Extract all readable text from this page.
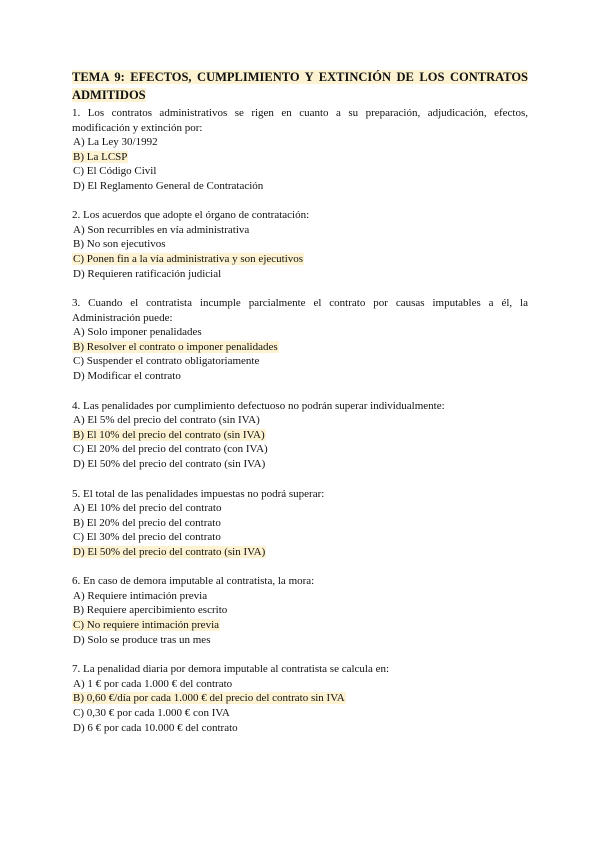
TEMA 9: EFECTOS, CUMPLIMIENTO Y EXTINCIÓN DE LOS CONTRATOS ADMITIDOS

1. Los contratos administrativos se rigen en cuanto a su preparación, adjudicación, efectos, modificación y extinción por:

A) La Ley 30/1992
B) La LCSP
C) El Código Civil
D) El Reglamento General de Contratación

2. Los acuerdos que adopte el órgano de contratación:

A) Son recurribles en vía administrativa
B) No son ejecutivos
C) Ponen fin a la vía administrativa y son ejecutivos
D) Requieren ratificación judicial

3. Cuando el contratista incumple parcialmente el contrato por causas imputables a él, la Administración puede:

A) Solo imponer penalidades
B) Resolver el contrato o imponer penalidades
C) Suspender el contrato obligatoriamente
D) Modificar el contrato

4. Las penalidades por cumplimiento defectuoso no podrán superar individualmente:

A) El 5% del precio del contrato (sin IVA)
B) El 10% del precio del contrato (sin IVA)
C) El 20% del precio del contrato (con IVA)
D) El 50% del precio del contrato (sin IVA)

5. El total de las penalidades impuestas no podrá superar:

A) El 10% del precio del contrato
B) El 20% del precio del contrato
C) El 30% del precio del contrato
D) El 50% del precio del contrato (sin IVA)

6. En caso de demora imputable al contratista, la mora:

A) Requiere intimación previa
B) Requiere apercibimiento escrito
C) No requiere intimación previa
D) Solo se produce tras un mes

7. La penalidad diaria por demora imputable al contratista se calcula en:

A) 1 € por cada 1.000 € del contrato
B) 0,60 €/día por cada 1.000 € del precio del contrato sin IVA
C) 0,30 € por cada 1.000 € con IVA
D) 6 € por cada 10.000 € del contrato
